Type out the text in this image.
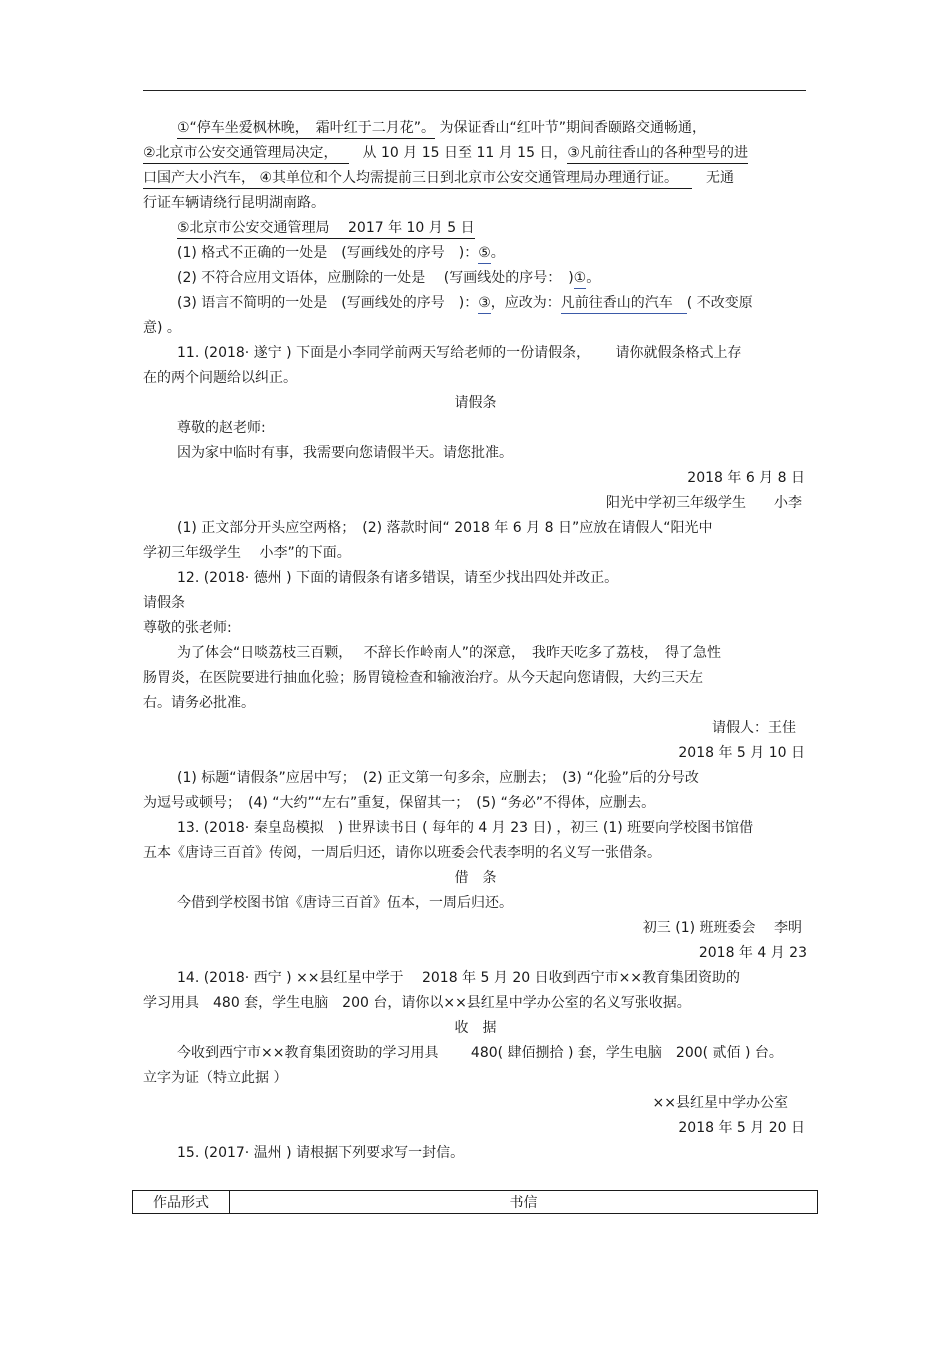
①“停车坐爱枫林晚，　霜叶红于二月花”。 为保证香山“红叶节”期间香颐路交通畅通，
②北京市公安交通管理局决定，　从 10 月 15 日至 11 月 15 日，③凡前往香山的各种型号的进
口国产大小汽车， ④其单位和个人均需提前三日到北京市公安交通管理局办理通行证。 无通
行证车辆请绕行昆明湖南路。
⑤北京市公安交通管理局　 2017 年 10 月 5 日
(1) 格式不正确的一处是　(写画线处的序号　)：⑤。
(2) 不符合应用文语体，应删除的一处是　 (写画线处的序号：　)①。
(3) 语言不简明的一处是　(写画线处的序号　)：③，应改为：凡前往香山的汽车　( 不改变原
意) 。
11. (2018· 遂宁 ) 下面是小李同学前两天写给老师的一份请假条，　　 请你就假条格式上存
在的两个问题给以纠正。
请假条
尊敬的赵老师:
因为家中临时有事，我需要向您请假半天。请您批准。
2018 年 6 月 8 日
阳光中学初三年级学生　　小李
(1) 正文部分开头应空两格；　(2) 落款时间“ 2018 年 6 月 8 日”应放在请假人“阳光中
学初三年级学生　 小李”的下面。
12. (2018· 德州 ) 下面的请假条有诸多错误，请至少找出四处并改正。
请假条
尊敬的张老师:
为了体会“日啖荔枝三百颗，　 不辞长作岭南人”的深意，　我昨天吃多了荔枝，　得了急性
肠胃炎，在医院要进行抽血化验；肠胃镜检查和输液治疗。从今天起向您请假，大约三天左
右。请务必批准。
请假人：王佳
2018 年 5 月 10 日
(1) 标题“请假条”应居中写；　(2) 正文第一句多余，应删去；　(3) “化验”后的分号改
为逗号或顿号；　(4) “大约”“左右”重复，保留其一；　(5) “务必”不得体，应删去。
13. (2018· 秦皇岛模拟　) 世界读书日 ( 每年的 4 月 23 日) ，初三 (1) 班要向学校图书馆借
五本《唐诗三百首》传阅，一周后归还，请你以班委会代表李明的名义写一张借条。
借　条
今借到学校图书馆《唐诗三百首》伍本，一周后归还。
初三 (1) 班班委会　 李明
2018 年 4 月 23
14. (2018· 西宁 ) ××县红星中学于　 2018 年 5 月 20 日收到西宁市××教育集团资助的
学习用具　480 套，学生电脑　200 台，请你以××县红星中学办公室的名义写张收据。
收　据
今收到西宁市××教育集团资助的学习用具　　 480( 肆佰捌拾 ) 套，学生电脑　200( 贰佰 ) 台。
立字为证（特立此据 ）
××县红星中学办公室
2018 年 5 月 20 日
15. (2017· 温州 ) 请根据下列要求写一封信。
作品形式	书信
